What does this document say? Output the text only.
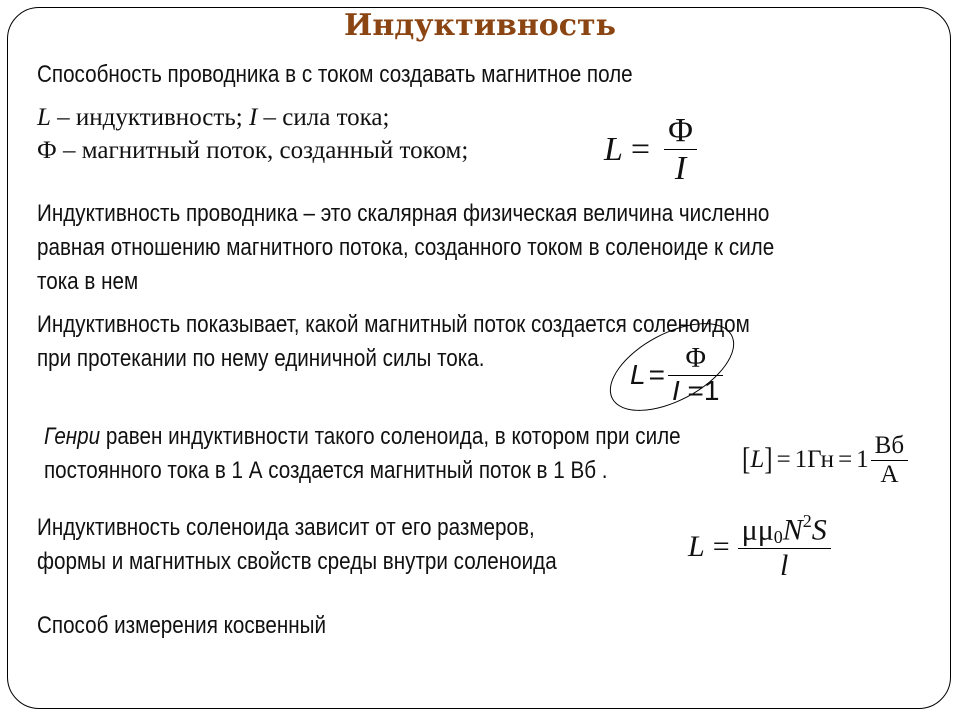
Индуктивность
Способность проводника в с током создавать магнитное поле
L – индуктивность; I – сила тока;
Ф – магнитный поток, созданный током;	$L = \frac{\Phi}{I}$
Индуктивность проводника – это скалярная физическая величина численно
равная отношению магнитного потока, созданного током в соленоиде к силе
тока в нем
Индуктивность показывает, какой магнитный поток создается соленоидом
при протекании по нему единичной силы тока.
$L = \frac{\Phi}{I =1}$
Генри равен индуктивности такого соленоида, в котором при силе
постоянного тока в 1 А создается магнитный поток в 1 Вб .	[ L ] = $1Гн = 1 \frac{Вб}{А}$
Индуктивность соленоида зависит от его размеров,
формы и магнитных свойств среды внутри соленоида	$L = \frac{\mu\mu_0N^2S}{l}$
Способ измерения косвенный
